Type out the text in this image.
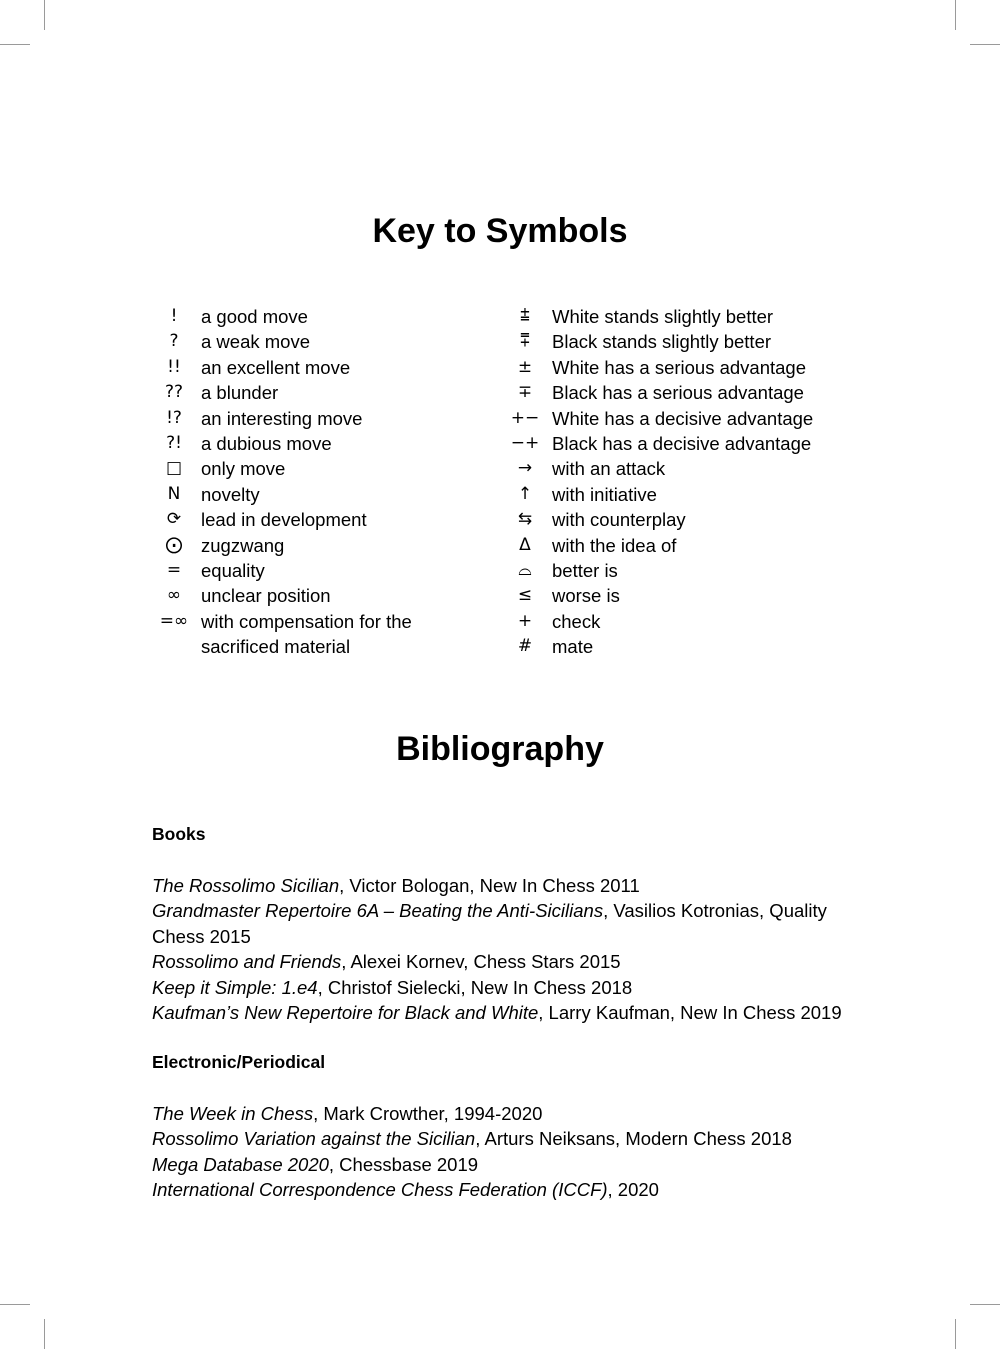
Key to Symbols
!	a good move
?	a weak move
!!	an excellent move
?? a blunder
!?	an interesting move
?!	a dubious move
□	only move
N	novelty
⟳	lead in development
⨀	zugzwang
=	equality
∞	unclear position
=∞ with compensation for the sacrificed material
⩲	White stands slightly better
⩱	Black stands slightly better
±	White has a serious advantage
∓	Black has a serious advantage
+− White has a decisive advantage
−+ Black has a decisive advantage
→	with an attack
↑	with initiative
⇆	with counterplay
Δ	with the idea of
⌓	better is
≤	worse is
+	check
#	mate
Bibliography
Books
The Rossolimo Sicilian, Victor Bologan, New In Chess 2011
Grandmaster Repertoire 6A – Beating the Anti-Sicilians, Vasilios Kotronias, Quality Chess 2015
Rossolimo and Friends, Alexei Kornev, Chess Stars 2015
Keep it Simple: 1.e4, Christof Sielecki, New In Chess 2018
Kaufman’s New Repertoire for Black and White, Larry Kaufman, New In Chess 2019
Electronic/Periodical
The Week in Chess, Mark Crowther, 1994-2020
Rossolimo Variation against the Sicilian, Arturs Neiksans, Modern Chess 2018
Mega Database 2020, Chessbase 2019
International Correspondence Chess Federation (ICCF), 2020
